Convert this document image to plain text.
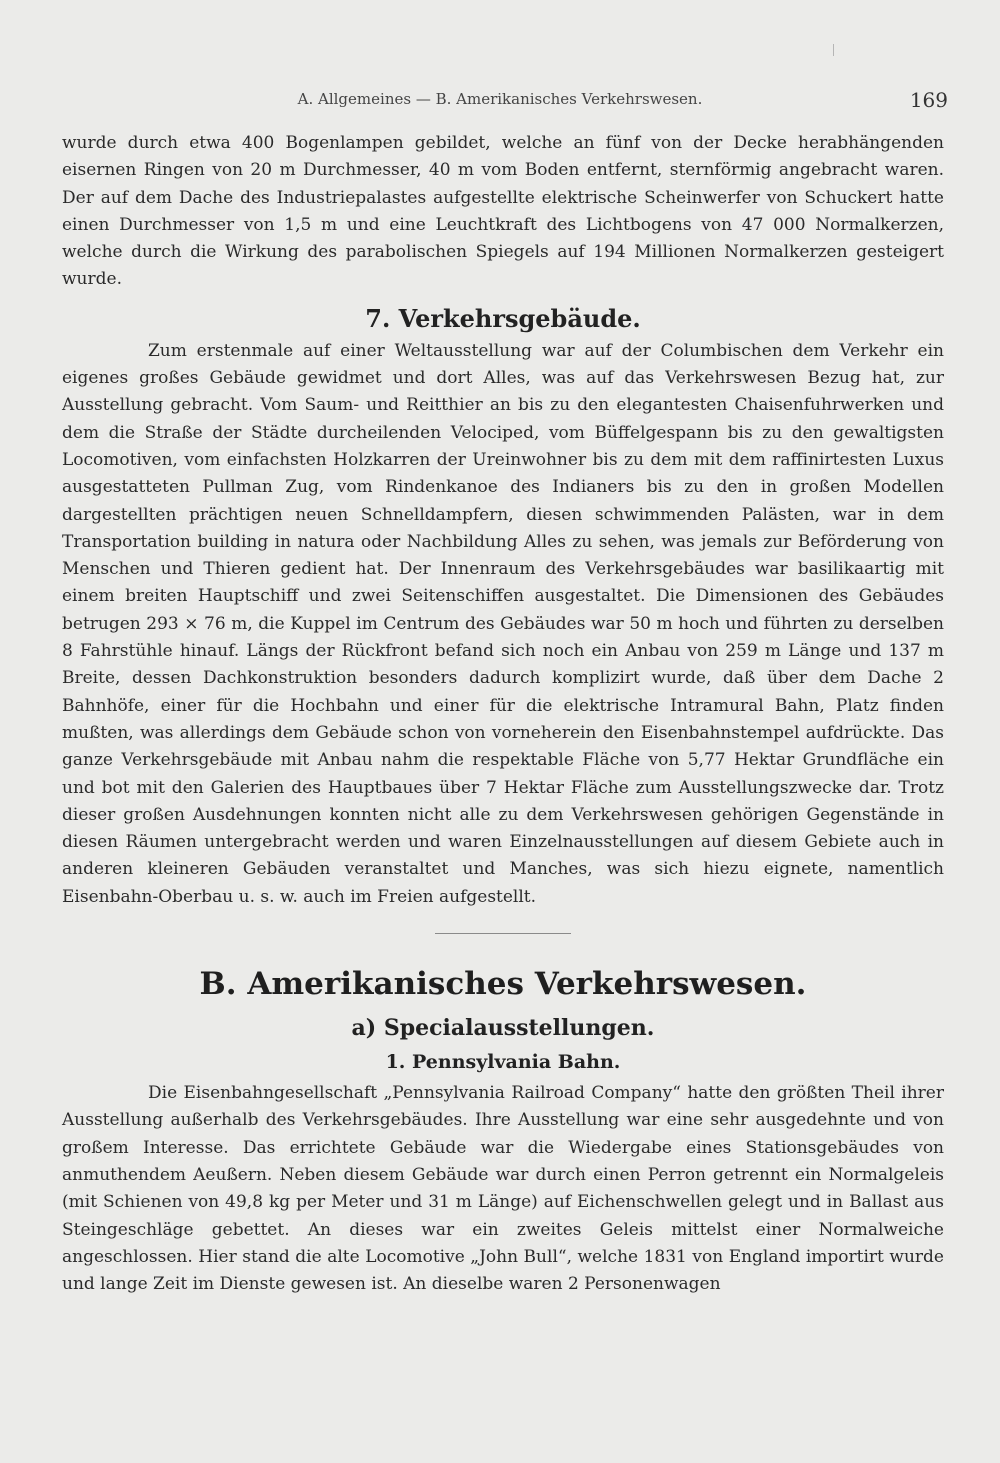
A. Allgemeines — B. Amerikanisches Verkehrswesen.	169

wurde durch etwa 400 Bogenlampen gebildet, welche an fünf von der Decke herabhängenden eisernen Ringen von 20 m Durchmesser, 40 m vom Boden entfernt, sternförmig angebracht waren. Der auf dem Dache des Industriepalastes aufgestellte elektrische Scheinwerfer von Schuckert hatte einen Durchmesser von 1,5 m und eine Leuchtkraft des Lichtbogens von 47 000 Normalkerzen, welche durch die Wirkung des parabolischen Spiegels auf 194 Millionen Normalkerzen gesteigert wurde.

7. Verkehrsgebäude.

Zum erstenmale auf einer Weltausstellung war auf der Columbischen dem Verkehr ein eigenes großes Gebäude gewidmet und dort Alles, was auf das Verkehrswesen Bezug hat, zur Ausstellung gebracht. Vom Saum- und Reitthier an bis zu den elegantesten Chaisenfuhrwerken und dem die Straße der Städte durcheilenden Velociped, vom Büffelgespann bis zu den gewaltigsten Locomotiven, vom einfachsten Holzkarren der Ureinwohner bis zu dem mit dem raffinirtesten Luxus ausgestatteten Pullman Zug, vom Rindenkanoe des Indianers bis zu den in großen Modellen dargestellten prächtigen neuen Schnelldampfern, diesen schwimmenden Palästen, war in dem Transportation building in natura oder Nachbildung Alles zu sehen, was jemals zur Beförderung von Menschen und Thieren gedient hat. Der Innenraum des Verkehrsgebäudes war basilikaartig mit einem breiten Hauptschiff und zwei Seitenschiffen ausgestaltet. Die Dimensionen des Gebäudes betrugen 293 × 76 m, die Kuppel im Centrum des Gebäudes war 50 m hoch und führten zu derselben 8 Fahrstühle hinauf. Längs der Rückfront befand sich noch ein Anbau von 259 m Länge und 137 m Breite, dessen Dachkonstruktion besonders dadurch komplizirt wurde, daß über dem Dache 2 Bahnhöfe, einer für die Hochbahn und einer für die elektrische Intramural Bahn, Platz finden mußten, was allerdings dem Gebäude schon von vorneherein den Eisenbahnstempel aufdrückte. Das ganze Verkehrsgebäude mit Anbau nahm die respektable Fläche von 5,77 Hektar Grundfläche ein und bot mit den Galerien des Hauptbaues über 7 Hektar Fläche zum Ausstellungszwecke dar. Trotz dieser großen Ausdehnungen konnten nicht alle zu dem Verkehrswesen gehörigen Gegenstände in diesen Räumen untergebracht werden und waren Einzelnausstellungen auf diesem Gebiete auch in anderen kleineren Gebäuden veranstaltet und Manches, was sich hiezu eignete, namentlich Eisenbahn-Oberbau u. s. w. auch im Freien aufgestellt.

B. Amerikanisches Verkehrswesen.
a) Specialausstellungen.
1. Pennsylvania Bahn.

Die Eisenbahngesellschaft „Pennsylvania Railroad Company“ hatte den größten Theil ihrer Ausstellung außerhalb des Verkehrsgebäudes. Ihre Ausstellung war eine sehr ausgedehnte und von großem Interesse. Das errichtete Gebäude war die Wiedergabe eines Stationsgebäudes von anmuthendem Aeußern. Neben diesem Gebäude war durch einen Perron getrennt ein Normalgeleis (mit Schienen von 49,8 kg per Meter und 31 m Länge) auf Eichenschwellen gelegt und in Ballast aus Steingeschläge gebettet. An dieses war ein zweites Geleis mittelst einer Normalweiche angeschlossen. Hier stand die alte Locomotive „John Bull“, welche 1831 von England importirt wurde und lange Zeit im Dienste gewesen ist. An dieselbe waren 2 Personenwagen
